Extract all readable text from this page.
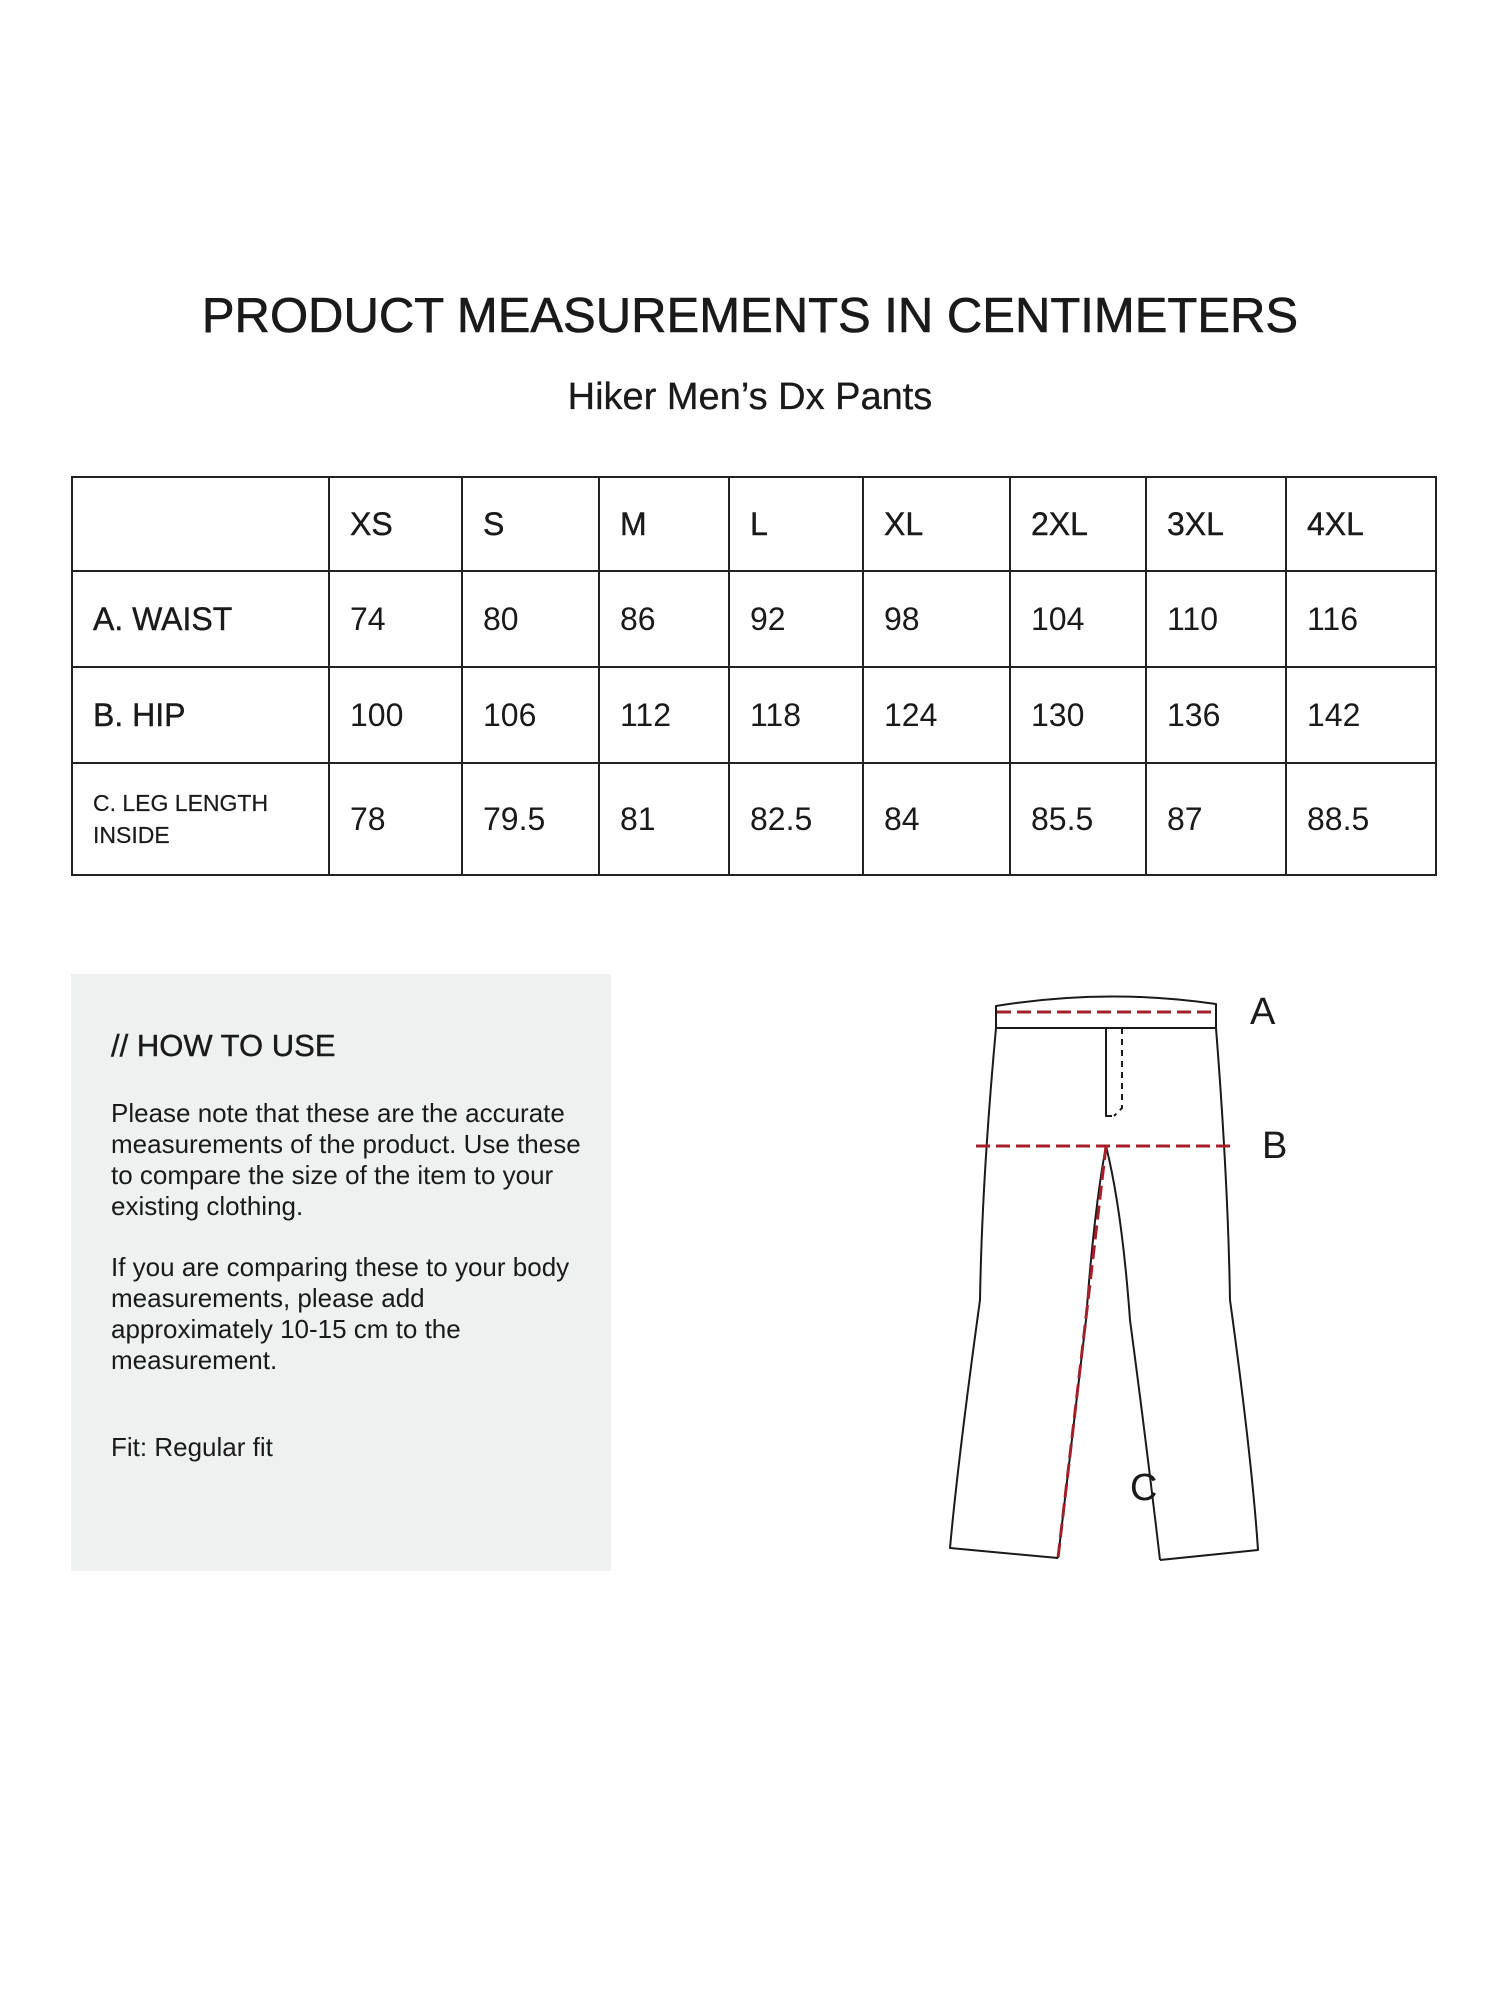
PRODUCT MEASUREMENTS IN CENTIMETERS
Hiker Men’s Dx Pants
	XS	S	M	L	XL	2XL	3XL	4XL
A. WAIST	74	80	86	92	98	104	110	116
B. HIP	100	106	112	118	124	130	136	142
C. LEG LENGTH
INSIDE	78	79.5	81	82.5	84	85.5	87	88.5
// HOW TO USE

Please note that these are the accurate measurements of the product. Use these to compare the size of the item to your existing clothing.

If you are comparing these to your body measurements, please add approximately 10-15 cm to the measurement.

Fit: Regular fit

A
B
C
